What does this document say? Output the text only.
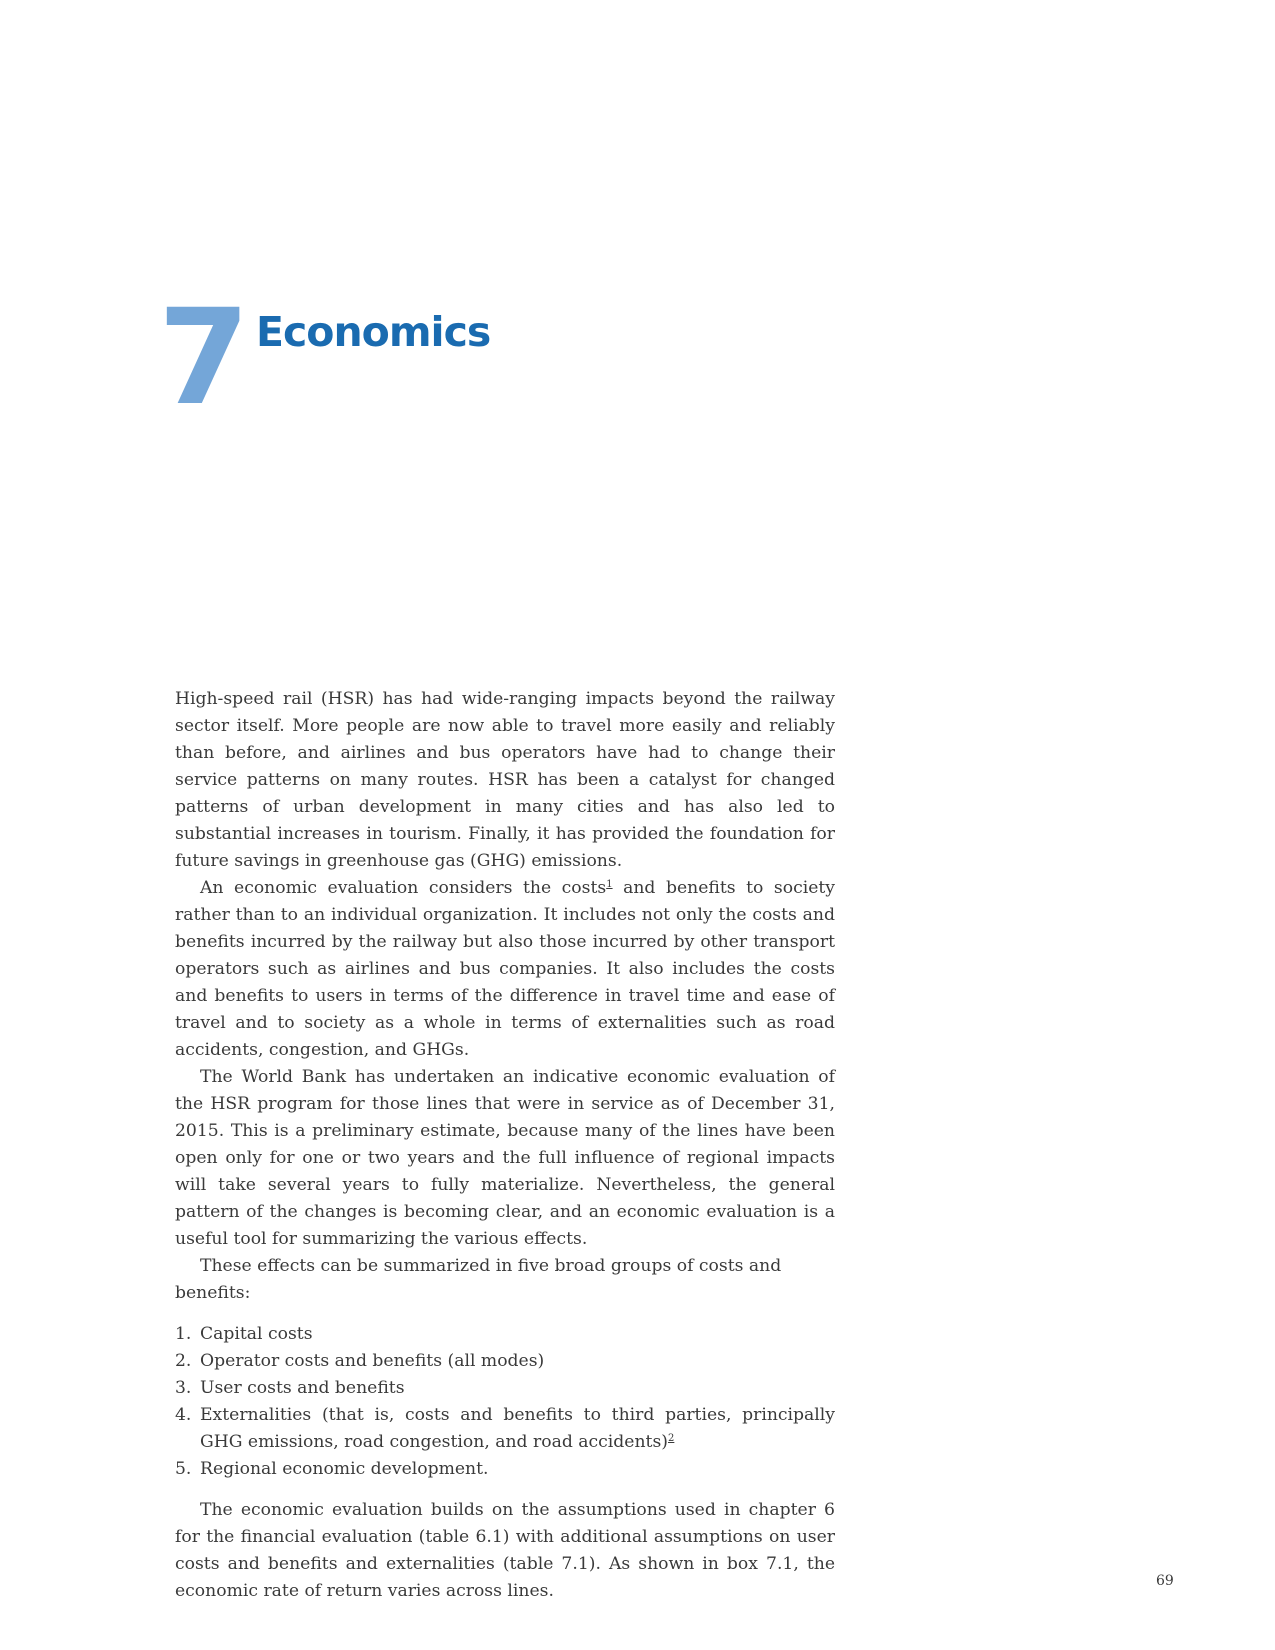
7 Economics

High-speed rail (HSR) has had wide-ranging impacts beyond the railway sector itself. More people are now able to travel more easily and reliably than before, and airlines and bus operators have had to change their service patterns on many routes. HSR has been a catalyst for changed patterns of urban development in many cities and has also led to substantial increases in tourism. Finally, it has provided the foundation for future savings in greenhouse gas (GHG) emissions.

An economic evaluation considers the costs$^1$ and benefits to society rather than to an individual organization. It includes not only the costs and benefits incurred by the railway but also those incurred by other transport operators such as airlines and bus companies. It also includes the costs and benefits to users in terms of the difference in travel time and ease of travel and to society as a whole in terms of externalities such as road accidents, congestion, and GHGs.

The World Bank has undertaken an indicative economic evaluation of the HSR program for those lines that were in service as of December 31, 2015. This is a preliminary estimate, because many of the lines have been open only for one or two years and the full influence of regional impacts will take several years to fully materialize. Nevertheless, the general pattern of the changes is becoming clear, and an economic evaluation is a useful tool for summarizing the various effects.

These effects can be summarized in five broad groups of costs and benefits:

1. Capital costs
2. Operator costs and benefits (all modes)
3. User costs and benefits
4. Externalities (that is, costs and benefits to third parties, principally GHG emissions, road congestion, and road accidents)$^2$
5. Regional economic development.

The economic evaluation builds on the assumptions used in chapter 6 for the financial evaluation (table 6.1) with additional assumptions on user costs and benefits and externalities (table 7.1). As shown in box 7.1, the economic rate of return varies across lines.	69
